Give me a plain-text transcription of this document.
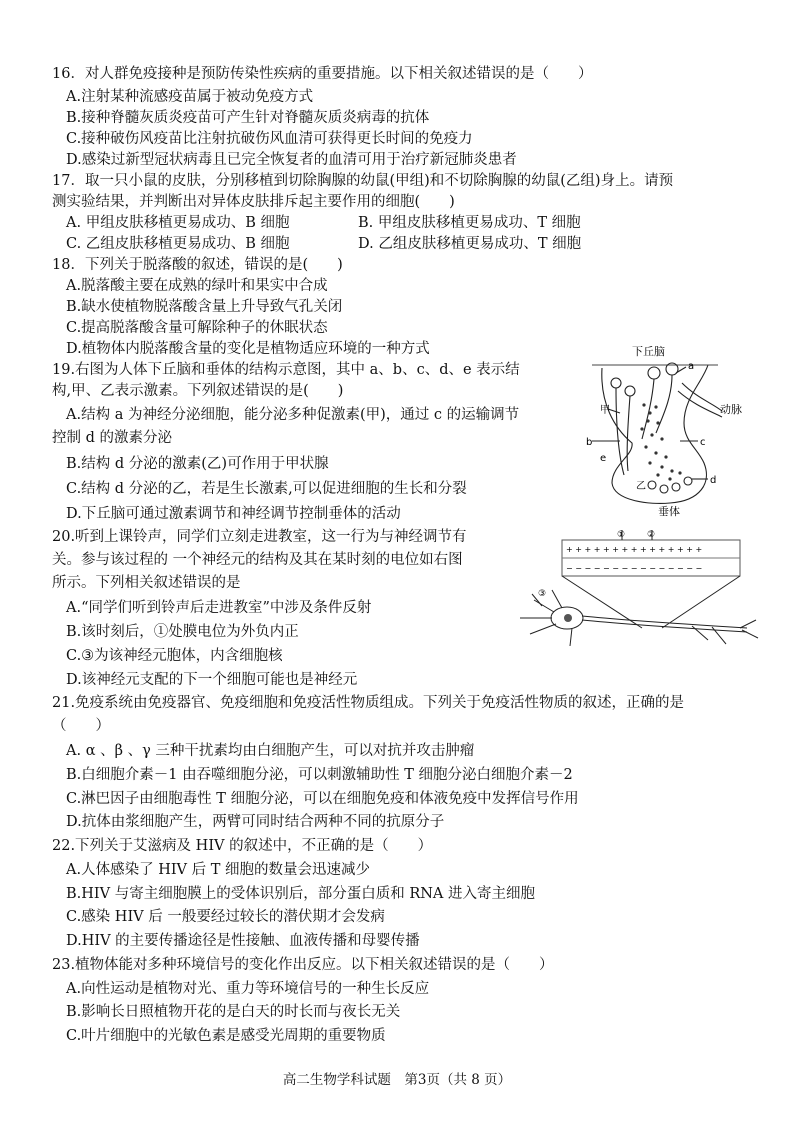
16．对人群免疫接种是预防传染性疾病的重要措施。以下相关叙述错误的是（　　）
A.注射某种流感疫苗属于被动免疫方式
B.接种脊髓灰质炎疫苗可产生针对脊髓灰质炎病毒的抗体
C.接种破伤风疫苗比注射抗破伤风血清可获得更长时间的免疫力
D.感染过新型冠状病毒且已完全恢复者的血清可用于治疗新冠肺炎患者
17．取一只小鼠的皮肤，分别移植到切除胸腺的幼鼠(甲组)和不切除胸腺的幼鼠(乙组)身上。请预
测实验结果，并判断出对异体皮肤排斥起主要作用的细胞(　　)
A. 甲组皮肤移植更易成功、B 细胞	B. 甲组皮肤移植更易成功、T 细胞
C. 乙组皮肤移植更易成功、B 细胞	D. 乙组皮肤移植更易成功、T 细胞
18．下列关于脱落酸的叙述，错误的是(　　)
A.脱落酸主要在成熟的绿叶和果实中合成
B.缺水使植物脱落酸含量上升导致气孔关闭
C.提高脱落酸含量可解除种子的休眠状态
D.植物体内脱落酸含量的变化是植物适应环境的一种方式
19.右图为人体下丘脑和垂体的结构示意图，其中 a、b、c、d、e 表示结
构,甲、乙表示激素。下列叙述错误的是(　　)
A.结构 a 为神经分泌细胞，能分泌多种促激素(甲)，通过 c 的运输调节
控制 d 的激素分泌
B.结构 d 分泌的激素(乙)可作用于甲状腺
C.结构 d 分泌的乙，若是生长激素,可以促进细胞的生长和分裂
D.下丘脑可通过激素调节和神经调节控制垂体的活动
下丘脑
垂体
动脉
甲
乙
a
b	c
d
e
20.听到上课铃声，同学们立刻走进教室，这一行为与神经调节有
关。参与该过程的 一个神经元的结构及其在某时刻的电位如右图
所示。下列相关叙述错误的是
A.“同学们听到铃声后走进教室”中涉及条件反射
B.该时刻后，①处膜电位为外负内正
C.③为该神经元胞体，内含细胞核
D.该神经元支配的下一个细胞可能也是神经元
① ②
③
+ + + + + + + + + + + + + + +
− − − − − − − − − − − − − − −
21.免疫系统由免疫器官、免疫细胞和免疫活性物质组成。下列关于免疫活性物质的叙述，正确的是
（　　）
A. α 、β 、γ 三种干扰素均由白细胞产生，可以对抗并攻击肿瘤
B.白细胞介素－1 由吞噬细胞分泌，可以刺激辅助性 T 细胞分泌白细胞介素－2
C.淋巴因子由细胞毒性 T 细胞分泌，可以在细胞免疫和体液免疫中发挥信号作用
D.抗体由浆细胞产生，两臂可同时结合两种不同的抗原分子
22.下列关于艾滋病及 HIV 的叙述中，不正确的是（　　）
A.人体感染了 HIV 后 T 细胞的数量会迅速减少
B.HIV 与寄主细胞膜上的受体识别后，部分蛋白质和 RNA 进入寄主细胞
C.感染 HIV 后 一般要经过较长的潜伏期才会发病
D.HIV 的主要传播途径是性接触、血液传播和母婴传播
23.植物体能对多种环境信号的变化作出反应。以下相关叙述错误的是（　　）
A.向性运动是植物对光、重力等环境信号的一种生长反应
B.影响长日照植物开花的是白天的时长而与夜长无关
C.叶片细胞中的光敏色素是感受光周期的重要物质
高二生物学科试题　第3页（共 8 页）
